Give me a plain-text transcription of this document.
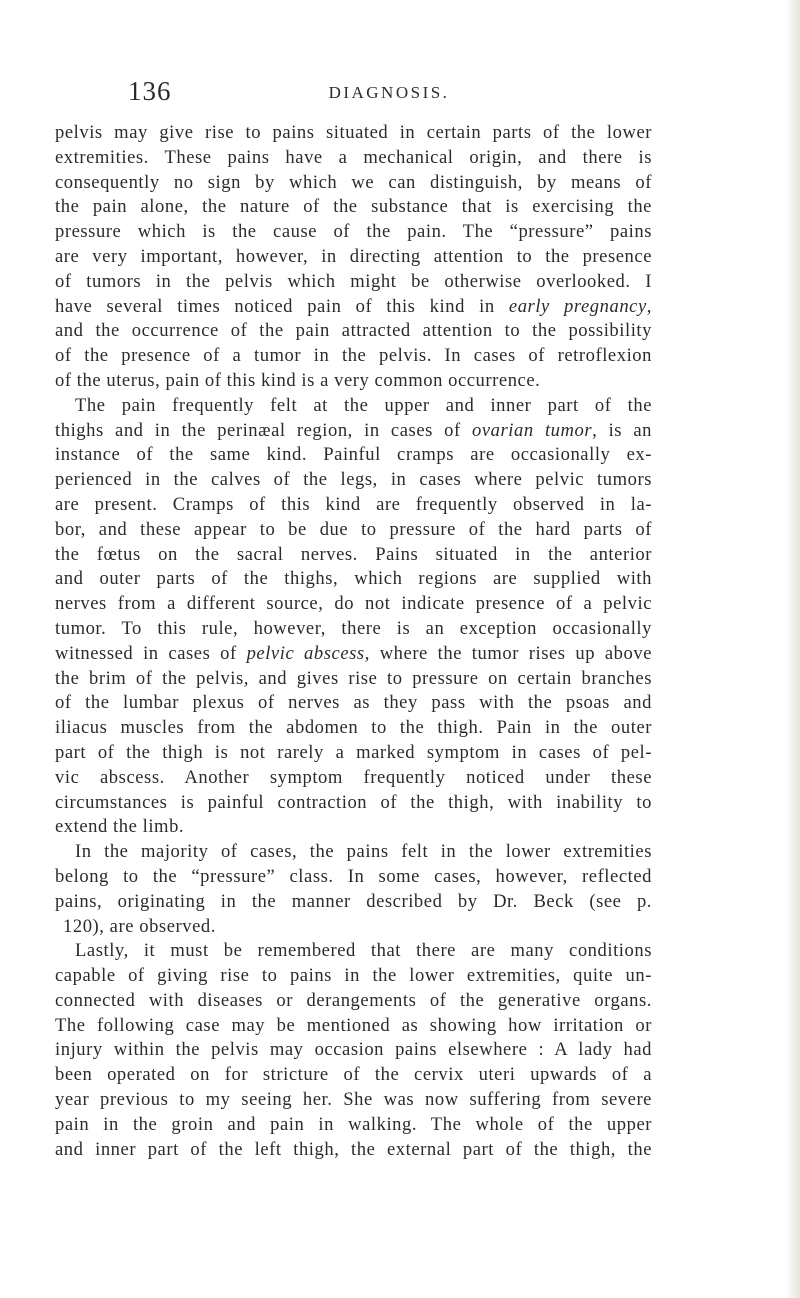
136	DIAGNOSIS.
pelvis may give rise to pains situated in certain parts of the lower
extremities. These pains have a mechanical origin, and there is
consequently no sign by which we can distinguish, by means of
the pain alone, the nature of the substance that is exercising the
pressure which is the cause of the pain. The “pressure” pains
are very important, however, in directing attention to the presence
of tumors in the pelvis which might be otherwise overlooked. I
have several times noticed pain of this kind in early pregnancy,
and the occurrence of the pain attracted attention to the possibility
of the presence of a tumor in the pelvis. In cases of retroflexion
of the uterus, pain of this kind is a very common occurrence.
The pain frequently felt at the upper and inner part of the
thighs and in the perinæal region, in cases of ovarian tumor, is an
instance of the same kind. Painful cramps are occasionally ex-
perienced in the calves of the legs, in cases where pelvic tumors
are present. Cramps of this kind are frequently observed in la-
bor, and these appear to be due to pressure of the hard parts of
the fœtus on the sacral nerves. Pains situated in the anterior
and outer parts of the thighs, which regions are supplied with
nerves from a different source, do not indicate presence of a pelvic
tumor. To this rule, however, there is an exception occasionally
witnessed in cases of pelvic abscess, where the tumor rises up above
the brim of the pelvis, and gives rise to pressure on certain branches
of the lumbar plexus of nerves as they pass with the psoas and
iliacus muscles from the abdomen to the thigh. Pain in the outer
part of the thigh is not rarely a marked symptom in cases of pel-
vic abscess. Another symptom frequently noticed under these
circumstances is painful contraction of the thigh, with inability to
extend the limb.
In the majority of cases, the pains felt in the lower extremities
belong to the “pressure” class. In some cases, however, reflected
pains, originating in the manner described by Dr. Beck (see p.
120), are observed.
Lastly, it must be remembered that there are many conditions
capable of giving rise to pains in the lower extremities, quite un-
connected with diseases or derangements of the generative organs.
The following case may be mentioned as showing how irritation or
injury within the pelvis may occasion pains elsewhere : A lady had
been operated on for stricture of the cervix uteri upwards of a
year previous to my seeing her. She was now suffering from severe
pain in the groin and pain in walking. The whole of the upper
and inner part of the left thigh, the external part of the thigh, the
